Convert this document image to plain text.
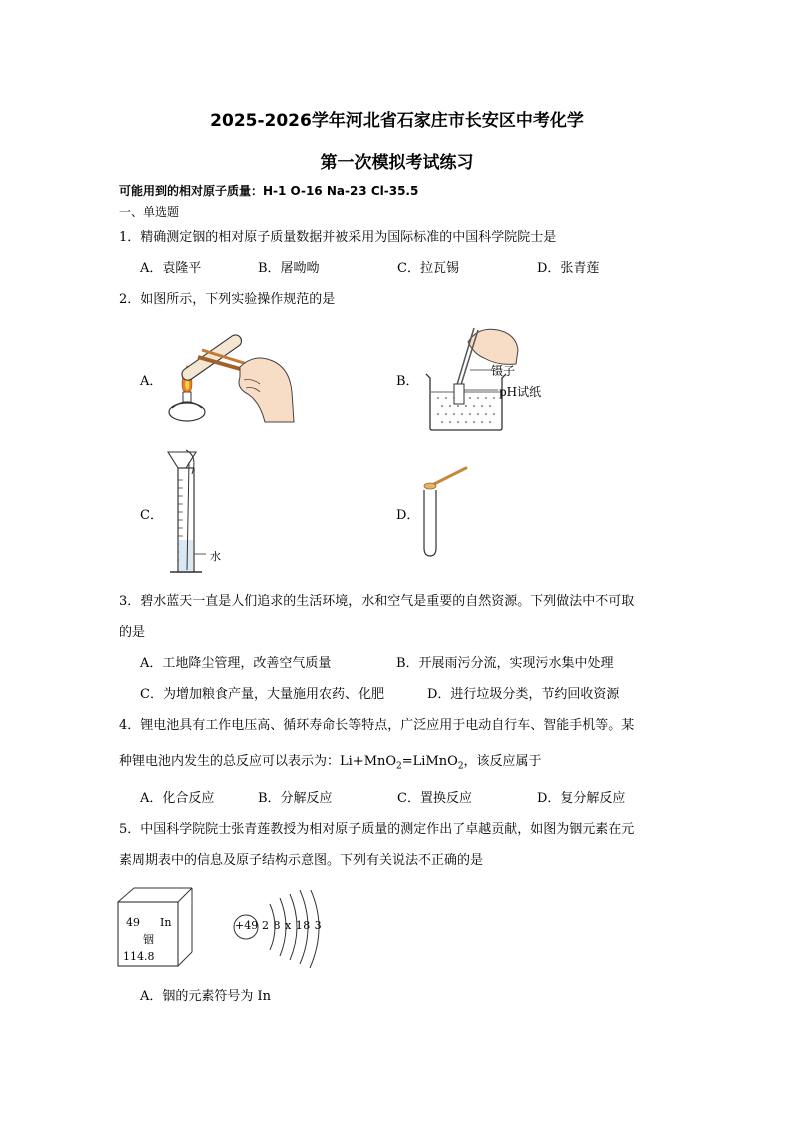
2025-2026学年河北省石家庄市长安区中考化学
第一次模拟考试练习
可能用到的相对原子质量：H-1 O-16 Na-23 Cl-35.5
一、单选题
1．精确测定铟的相对原子质量数据并被采用为国际标准的中国科学院院士是
A．袁隆平	B．屠呦呦	C．拉瓦锡	D．张青莲
2．如图所示，下列实验操作规范的是
A．	B．
镊子
pH试纸
C．
水
D．
3．碧水蓝天一直是人们追求的生活环境，水和空气是重要的自然资源。下列做法中不可取
的是
A．工地降尘管理，改善空气质量	B．开展雨污分流，实现污水集中处理
C．为增加粮食产量，大量施用农药、化肥	D．进行垃圾分类，节约回收资源
4．锂电池具有工作电压高、循环寿命长等特点，广泛应用于电动自行车、智能手机等。某
种锂电池内发生的总反应可以表示为：Li+MnO$_2$=LiMnO$_2$，该反应属于
A．化合反应	B．分解反应	C．置换反应	D．复分解反应
5．中国科学院院士张青莲教授为相对原子质量的测定作出了卓越贡献，如图为铟元素在元
素周期表中的信息及原子结构示意图。下列有关说法不正确的是
49 In
铟
114.8
+49 2 8 x 18 3
A．铟的元素符号为 In
